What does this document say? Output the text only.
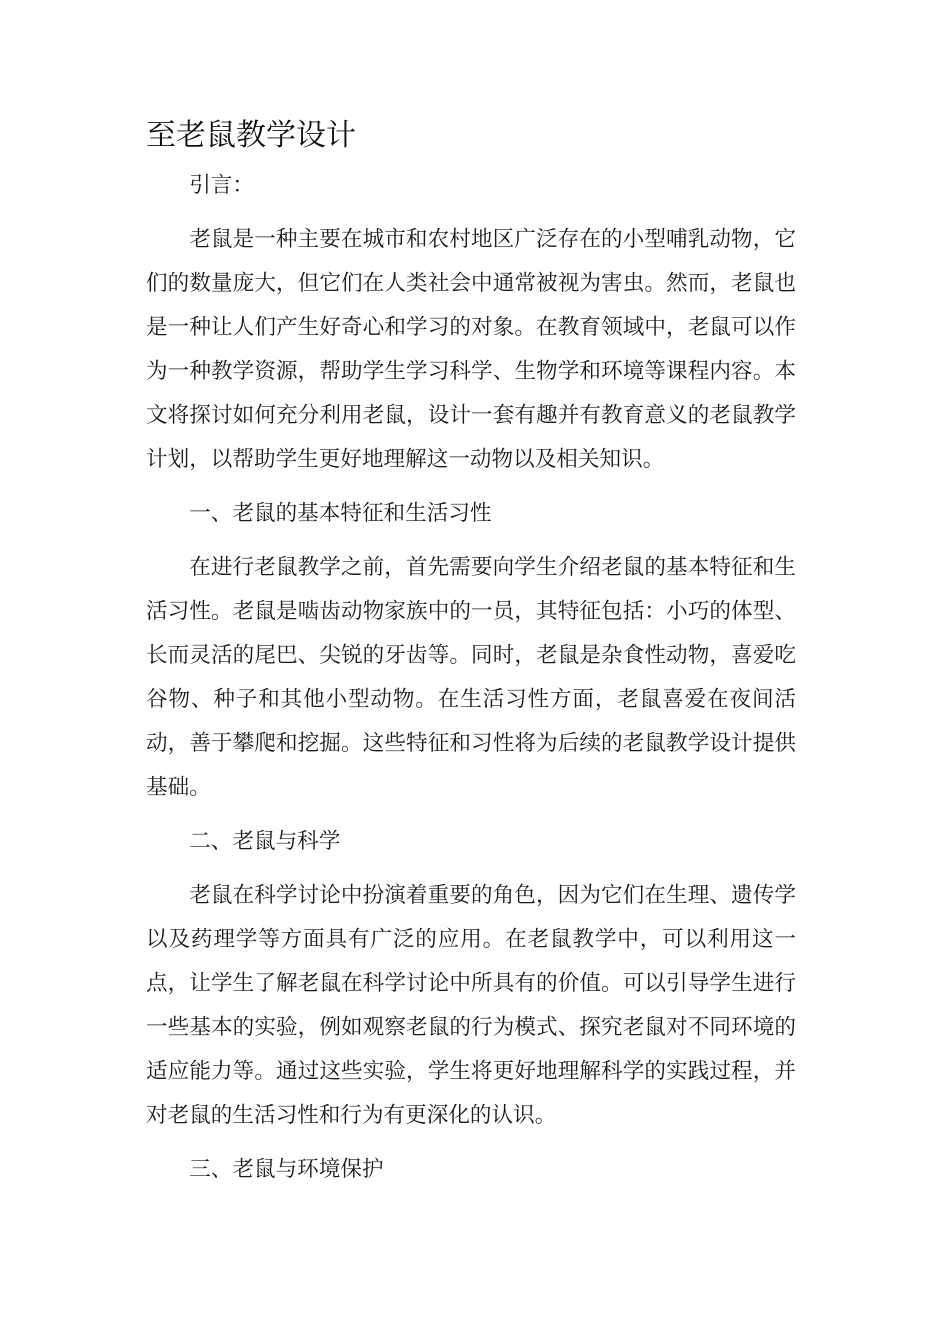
至老鼠教学设计

引言：

老鼠是一种主要在城市和农村地区广泛存在的小型哺乳动物，它们的数量庞大，但它们在人类社会中通常被视为害虫。然而，老鼠也是一种让人们产生好奇心和学习的对象。在教育领域中，老鼠可以作为一种教学资源，帮助学生学习科学、生物学和环境等课程内容。本文将探讨如何充分利用老鼠，设计一套有趣并有教育意义的老鼠教学计划，以帮助学生更好地理解这一动物以及相关知识。

一、老鼠的基本特征和生活习性

在进行老鼠教学之前，首先需要向学生介绍老鼠的基本特征和生活习性。老鼠是啮齿动物家族中的一员，其特征包括：小巧的体型、长而灵活的尾巴、尖锐的牙齿等。同时，老鼠是杂食性动物，喜爱吃谷物、种子和其他小型动物。在生活习性方面，老鼠喜爱在夜间活动，善于攀爬和挖掘。这些特征和习性将为后续的老鼠教学设计提供基础。

二、老鼠与科学

老鼠在科学讨论中扮演着重要的角色，因为它们在生理、遗传学以及药理学等方面具有广泛的应用。在老鼠教学中，可以利用这一点，让学生了解老鼠在科学讨论中所具有的价值。可以引导学生进行一些基本的实验，例如观察老鼠的行为模式、探究老鼠对不同环境的适应能力等。通过这些实验，学生将更好地理解科学的实践过程，并对老鼠的生活习性和行为有更深化的认识。

三、老鼠与环境保护
